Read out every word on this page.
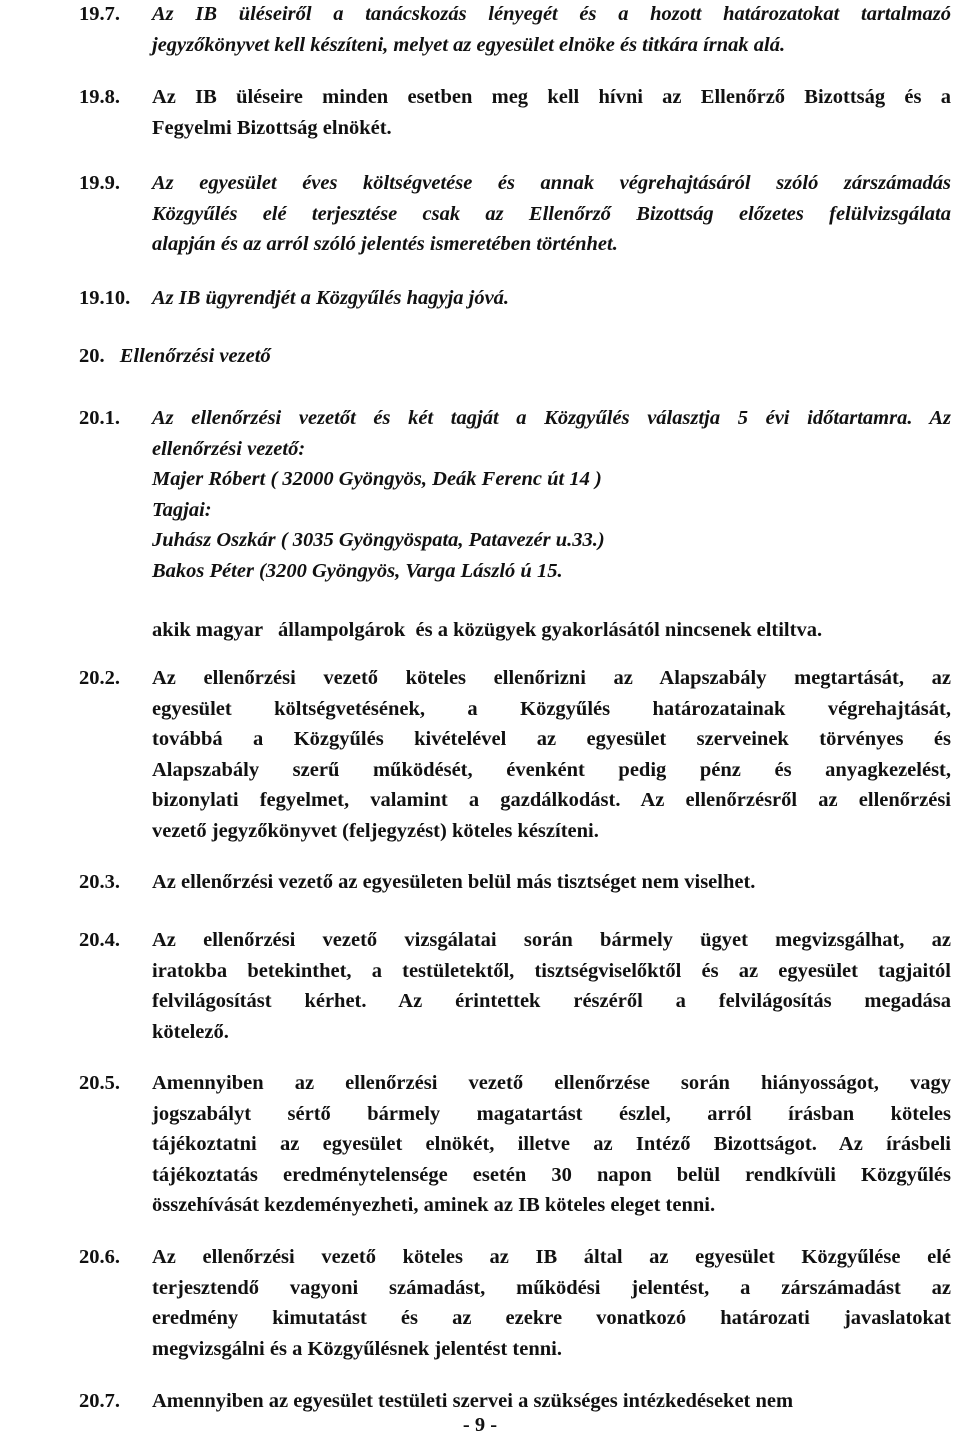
19.7. Az IB üléseiről a tanácskozás lényegét és a hozott határozatokat tartalmazó
jegyzőkönyvet kell készíteni, melyet az egyesület elnöke és titkára írnak alá.
19.8. Az IB üléseire minden esetben meg kell hívni az Ellenőrző Bizottság és a
Fegyelmi Bizottság elnökét.
19.9. Az egyesület éves költségvetése és annak végrehajtásáról szóló zárszámadás
Közgyűlés elé terjesztése csak az Ellenőrző Bizottság előzetes felülvizsgálata
alapján és az arról szóló jelentés ismeretében történhet.
19.10. Az IB ügyrendjét a Közgyűlés hagyja jóvá.
20. Ellenőrzési vezető
20.1. Az ellenőrzési vezetőt és két tagját a Közgyűlés választja 5 évi időtartamra. Az
ellenőrzési vezető:
Majer Róbert ( 32000 Gyöngyös, Deák Ferenc út 14 )
Tagjai:
Juhász Oszkár ( 3035 Gyöngyöspata, Patavezér u.33.)
Bakos Péter (3200 Gyöngyös, Varga László ú 15.
akik magyar   állampolgárok  és a közügyek gyakorlásától nincsenek eltiltva.
20.2. Az ellenőrzési vezető köteles ellenőrizni az Alapszabály megtartását, az
egyesület költségvetésének, a Közgyűlés határozatainak végrehajtását,
továbbá a Közgyűlés kivételével az egyesület szerveinek törvényes és
Alapszabály szerű működését, évenként pedig pénz és anyagkezelést,
bizonylati fegyelmet, valamint a gazdálkodást. Az ellenőrzésről az ellenőrzési
vezető jegyzőkönyvet (feljegyzést) köteles készíteni.
20.3. Az ellenőrzési vezető az egyesületen belül más tisztséget nem viselhet.
20.4. Az ellenőrzési vezető vizsgálatai során bármely ügyet megvizsgálhat, az
iratokba betekinthet, a testületektől, tisztségviselőktől és az egyesület tagjaitól
felvilágosítást kérhet. Az érintettek részéről a felvilágosítás megadása
kötelező.
20.5. Amennyiben az ellenőrzési vezető ellenőrzése során hiányosságot, vagy
jogszabályt sértő bármely magatartást észlel, arról írásban köteles
tájékoztatni az egyesület elnökét, illetve az Intéző Bizottságot. Az írásbeli
tájékoztatás eredménytelensége esetén 30 napon belül rendkívüli Közgyűlés
összehívását kezdeményezheti, aminek az IB köteles eleget tenni.
20.6. Az ellenőrzési vezető köteles az IB által az egyesület Közgyűlése elé
terjesztendő vagyoni számadást, működési jelentést, a zárszámadást az
eredmény kimutatást és az ezekre vonatkozó határozati javaslatokat
megvizsgálni és a Közgyűlésnek jelentést tenni.
20.7. Amennyiben az egyesület testületi szervei a szükséges intézkedéseket nem
- 9 -
